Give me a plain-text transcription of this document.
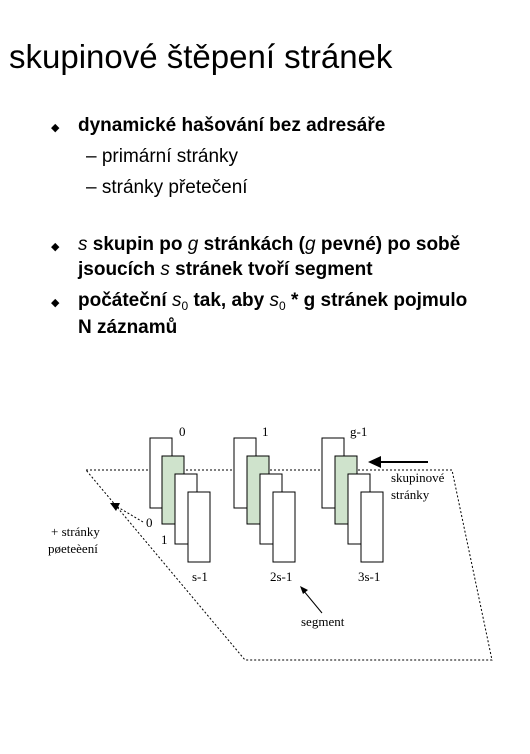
skupinové štěpení stránek
◆ dynamické hašování bez adresáře
– primární stránky
– stránky přetečení
◆ s skupin po g stránkách (g pevné) po sobě
jsoucích s stránek tvoří segment
◆ počáteční $s_0$ tak, aby $s_0$ * g stránek pojmulo
N záznamů
0	1	g-1
s-1	2s-1	3s-1
0
1
+ stránky
pøeteèení
skupinové
stránky
segment
